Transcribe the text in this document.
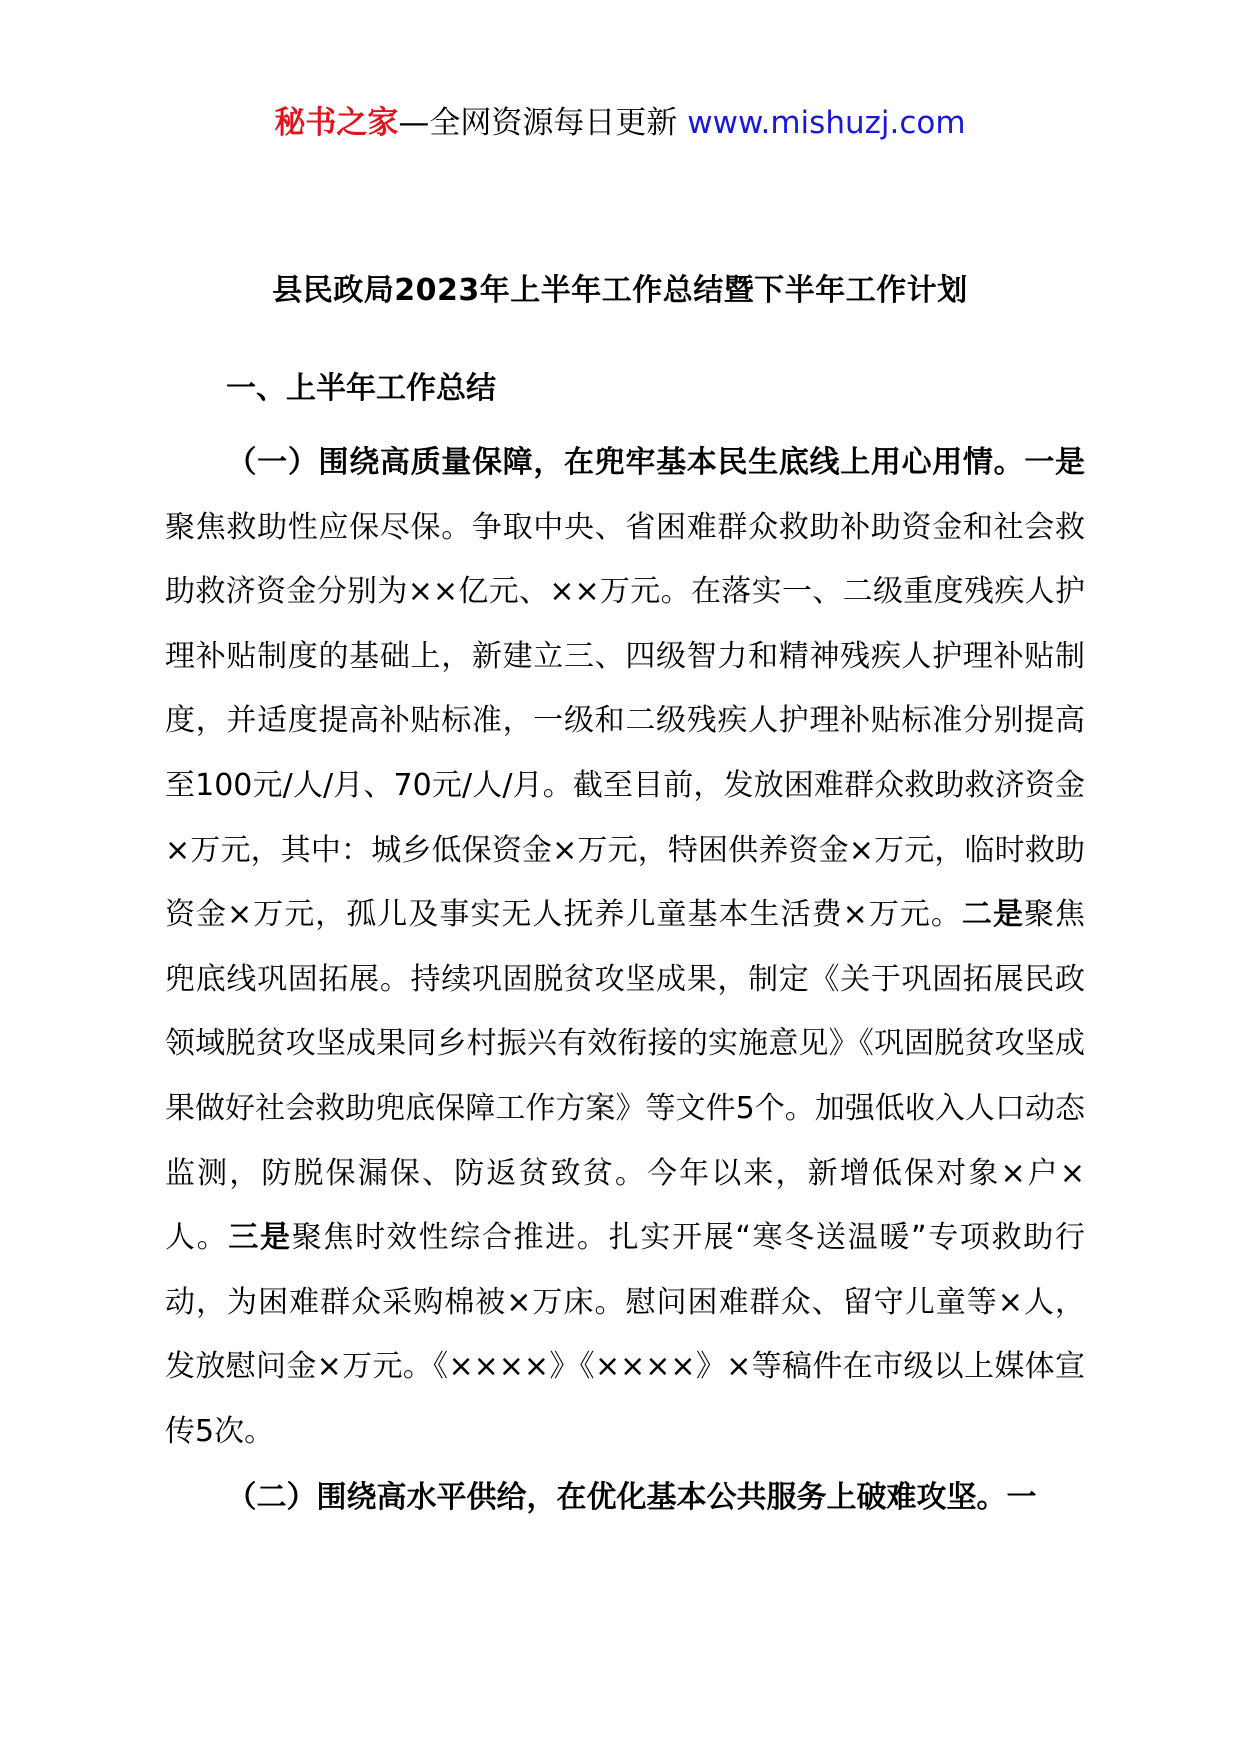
秘书之家—全网资源每日更新 www.mishuzj.com
县民政局2023年上半年工作总结暨下半年工作计划
一、上半年工作总结

（一）围绕高质量保障，在兜牢基本民生底线上用心用情。一是聚焦救助性应保尽保。争取中央、省困难群众救助补助资金和社会救助救济资金分别为××亿元、××万元。在落实一、二级重度残疾人护理补贴制度的基础上，新建立三、四级智力和精神残疾人护理补贴制度，并适度提高补贴标准，一级和二级残疾人护理补贴标准分别提高至100元/人/月、70元/人/月。截至目前，发放困难群众救助救济资金×万元，其中：城乡低保资金×万元，特困供养资金×万元，临时救助资金×万元，孤儿及事实无人抚养儿童基本生活费×万元。二是聚焦兜底线巩固拓展。持续巩固脱贫攻坚成果，制定《关于巩固拓展民政领域脱贫攻坚成果同乡村振兴有效衔接的实施意见》《巩固脱贫攻坚成果做好社会救助兜底保障工作方案》等文件5个。加强低收入人口动态监测，防脱保漏保、防返贫致贫。今年以来，新增低保对象×户×人。三是聚焦时效性综合推进。扎实开展“寒冬送温暖”专项救助行动，为困难群众采购棉被×万床。慰问困难群众、留守儿童等×人，发放慰问金×万元。《××××》《××××》×等稿件在市级以上媒体宣传5次。

（二）围绕高水平供给，在优化基本公共服务上破难攻坚。一
